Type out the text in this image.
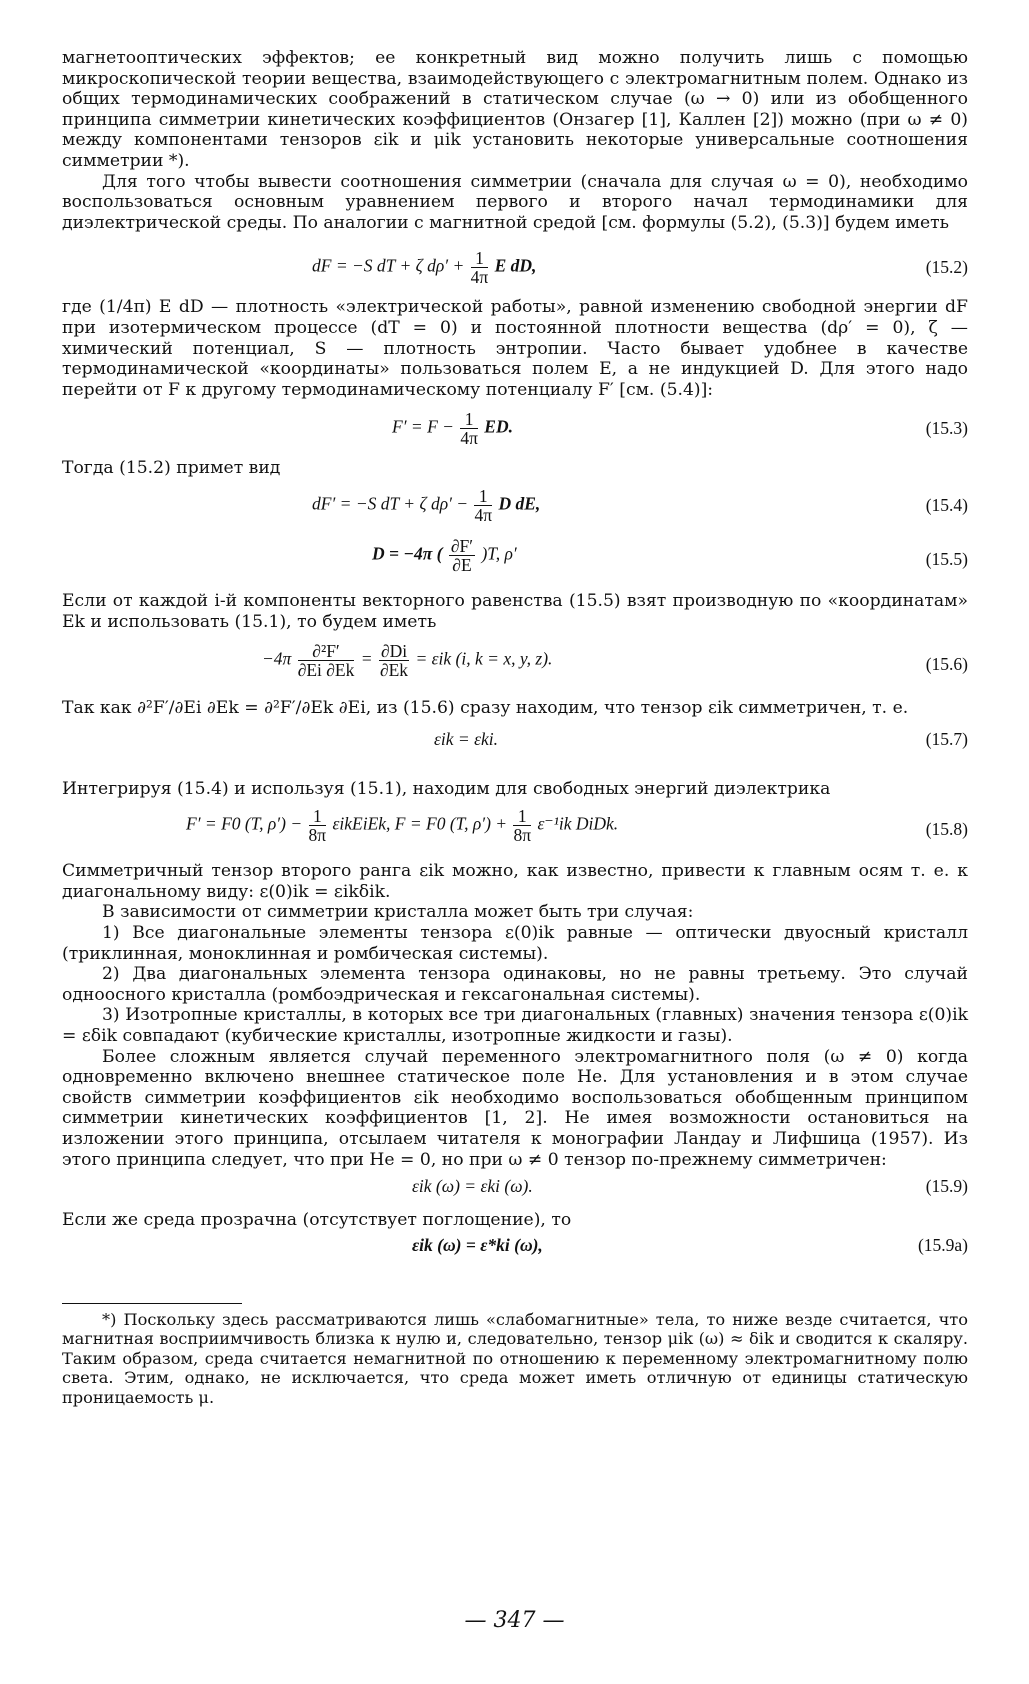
магнетооптических эффектов; ее конкретный вид можно получить лишь с помощью микроскопической теории вещества, взаимодействующего с электромагнитным полем. Однако из общих термодинамических соображений в статическом случае (ω → 0) или из обобщенного принципа симметрии кинетических коэффициентов (Онзагер [1], Каллен [2]) можно (при ω ≠ 0) между компонентами тензоров εik и μik установить некоторые универсальные соотношения симметрии *).

Для того чтобы вывести соотношения симметрии (сначала для случая ω = 0), необходимо воспользоваться основным уравнением первого и второго начал термодинамики для диэлектрической среды. По аналогии с магнитной средой [см. формулы (5.2), (5.3)] будем иметь

dF = −S dT + ζ $d\rho' + \frac{1}{4\pi}$ E dD,	(15.2)

где (1/4π) E dD — плотность «электрической работы», равной изменению свободной энергии dF при изотермическом процессе (dT = 0) и постоянной плотности вещества (dρ′ = 0), ζ — химический потенциал, S — плотность энтропии. Часто бывает удобнее в качестве термодинамической «координаты» пользоваться полем E, а не индукцией D. Для этого надо перейти от F к другому термодинамическому потенциалу F′ [см. (5.4)]:

$F' = F - \frac{1}{4\pi}$ ED.	(15.3)

Тогда (15.2) примет вид

dF′ = −S dT + ζ $d\rho' - \frac{1}{4\pi}$ D dE,	(15.4)
D = −4π ( $\frac{\partial F'}{\partial E} )T$, ρ′	(15.5)

Если от каждой i-й компоненты векторного равенства (15.5) взят производную по «координатам» Ek и использовать (15.1), то будем иметь

$-4\pi \frac{\text{∂²F′}}{\partial Ei \partial Ek} = \frac{\partial Di}{\partial Ek} = \varepsilon ik$ (i, k = x, y, z).	(15.6)

Так как ∂²F′/∂Ei ∂Ek = ∂²F′/∂Ek ∂Ei, из (15.6) сразу находим, что тензор εik симметричен, т. е.

εik = εki.	(15.7)

Интегрируя (15.4) и используя (15.1), находим для свободных энергий диэлектрика

F′ = F0 (T, $\rho') - \frac{1}{8\pi}$ εikEiEk, F = F0 (T, $\rho') + \frac{1}{8\pi} \varepsilon^{-1}ik$ DiDk.	(15.8)

Симметричный тензор второго ранга εik можно, как известно, привести к главным осям т. е. к диагональному виду: ε(0)ik = εikδik.

В зависимости от симметрии кристалла может быть три случая:

1) Все диагональные элементы тензора ε(0)ik равные — оптически двуосный кристалл (триклинная, моноклинная и ромбическая системы).

2) Два диагональных элемента тензора одинаковы, но не равны третьему. Это случай одноосного кристалла (ромбоэдрическая и гексагональная системы).

3) Изотропные кристаллы, в которых все три диагональных (главных) значения тензора ε(0)ik = εδik совпадают (кубические кристаллы, изотропные жидкости и газы).

Более сложным является случай переменного электромагнитного поля (ω ≠ 0) когда одновременно включено внешнее статическое поле He. Для установления и в этом случае свойств симметрии коэффициентов εik необходимо воспользоваться обобщенным принципом симметрии кинетических коэффициентов [1, 2]. Не имея возможности остановиться на изложении этого принципа, отсылаем читателя к монографии Ландау и Лифшица (1957). Из этого принципа следует, что при He = 0, но при ω ≠ 0 тензор по-прежнему симметричен:

εik (ω) = εki (ω).	(15.9)

Если же среда прозрачна (отсутствует поглощение), то

εik (ω) = ε*ki (ω),	(15.9a)

*) Поскольку здесь рассматриваются лишь «слабомагнитные» тела, то ниже везде считается, что магнитная восприимчивость близка к нулю и, следовательно, тензор μik (ω) ≈ δik и сводится к скаляру. Таким образом, среда считается немагнитной по отношению к переменному электромагнитному полю света. Этим, однако, не исключается, что среда может иметь отличную от единицы статическую проницаемость μ.

— 347 —
